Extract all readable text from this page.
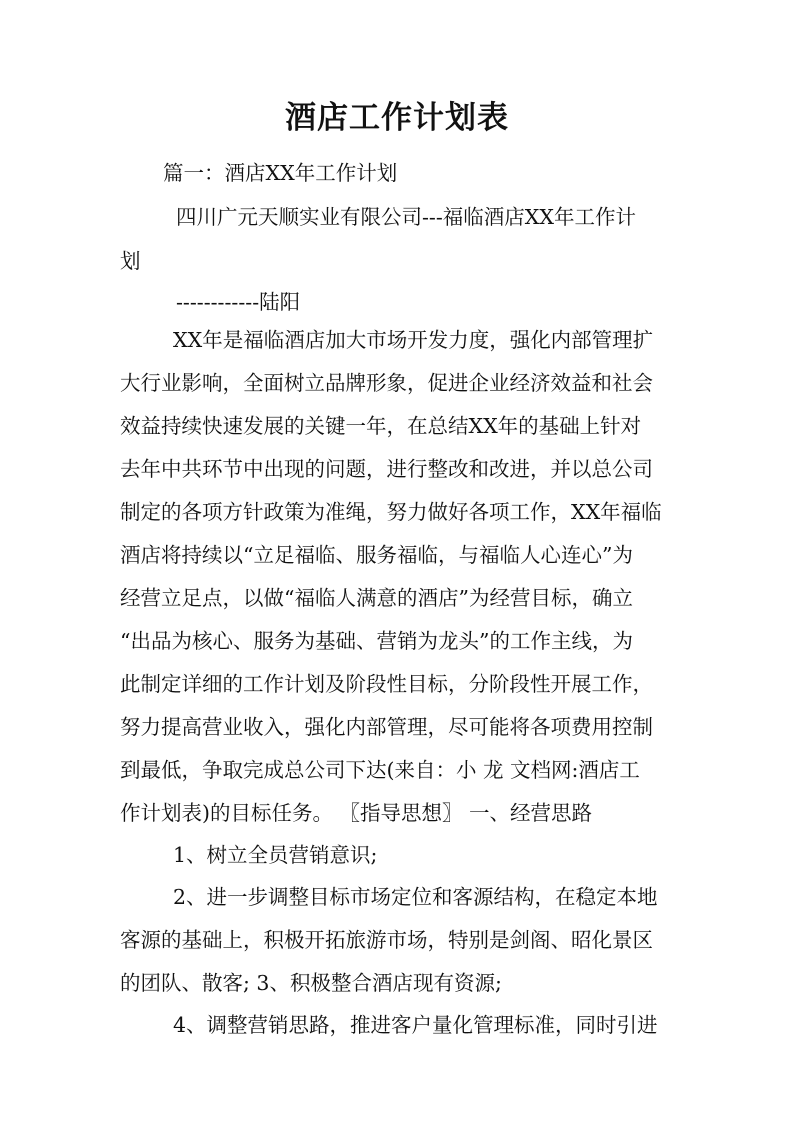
酒店工作计划表

篇一：酒店XX年工作计划

四川广元天顺实业有限公司---福临酒店XX年工作计

划

------------陆阳

XX年是福临酒店加大市场开发力度，强化内部管理扩

大行业影响，全面树立品牌形象，促进企业经济效益和社会

效益持续快速发展的关键一年，在总结XX年的基础上针对

去年中共环节中出现的问题，进行整改和改进，并以总公司

制定的各项方针政策为准绳，努力做好各项工作，XX年福临

酒店将持续以“立足福临、服务福临，与福临人心连心”为

经营立足点，以做“福临人满意的酒店”为经营目标，确立

“出品为核心、服务为基础、营销为龙头”的工作主线，为

此制定详细的工作计划及阶段性目标，分阶段性开展工作，

努力提高营业收入，强化内部管理，尽可能将各项费用控制

到最低，争取完成总公司下达(来自：小 龙 文档网:酒店工

作计划表)的目标任务。 〖指导思想〗 一、经营思路

1、树立全员营销意识;

2、进一步调整目标市场定位和客源结构，在稳定本地

客源的基础上，积极开拓旅游市场，特别是剑阁、昭化景区

的团队、散客; 3、积极整合酒店现有资源;

4、调整营销思路，推进客户量化管理标准，同时引进
